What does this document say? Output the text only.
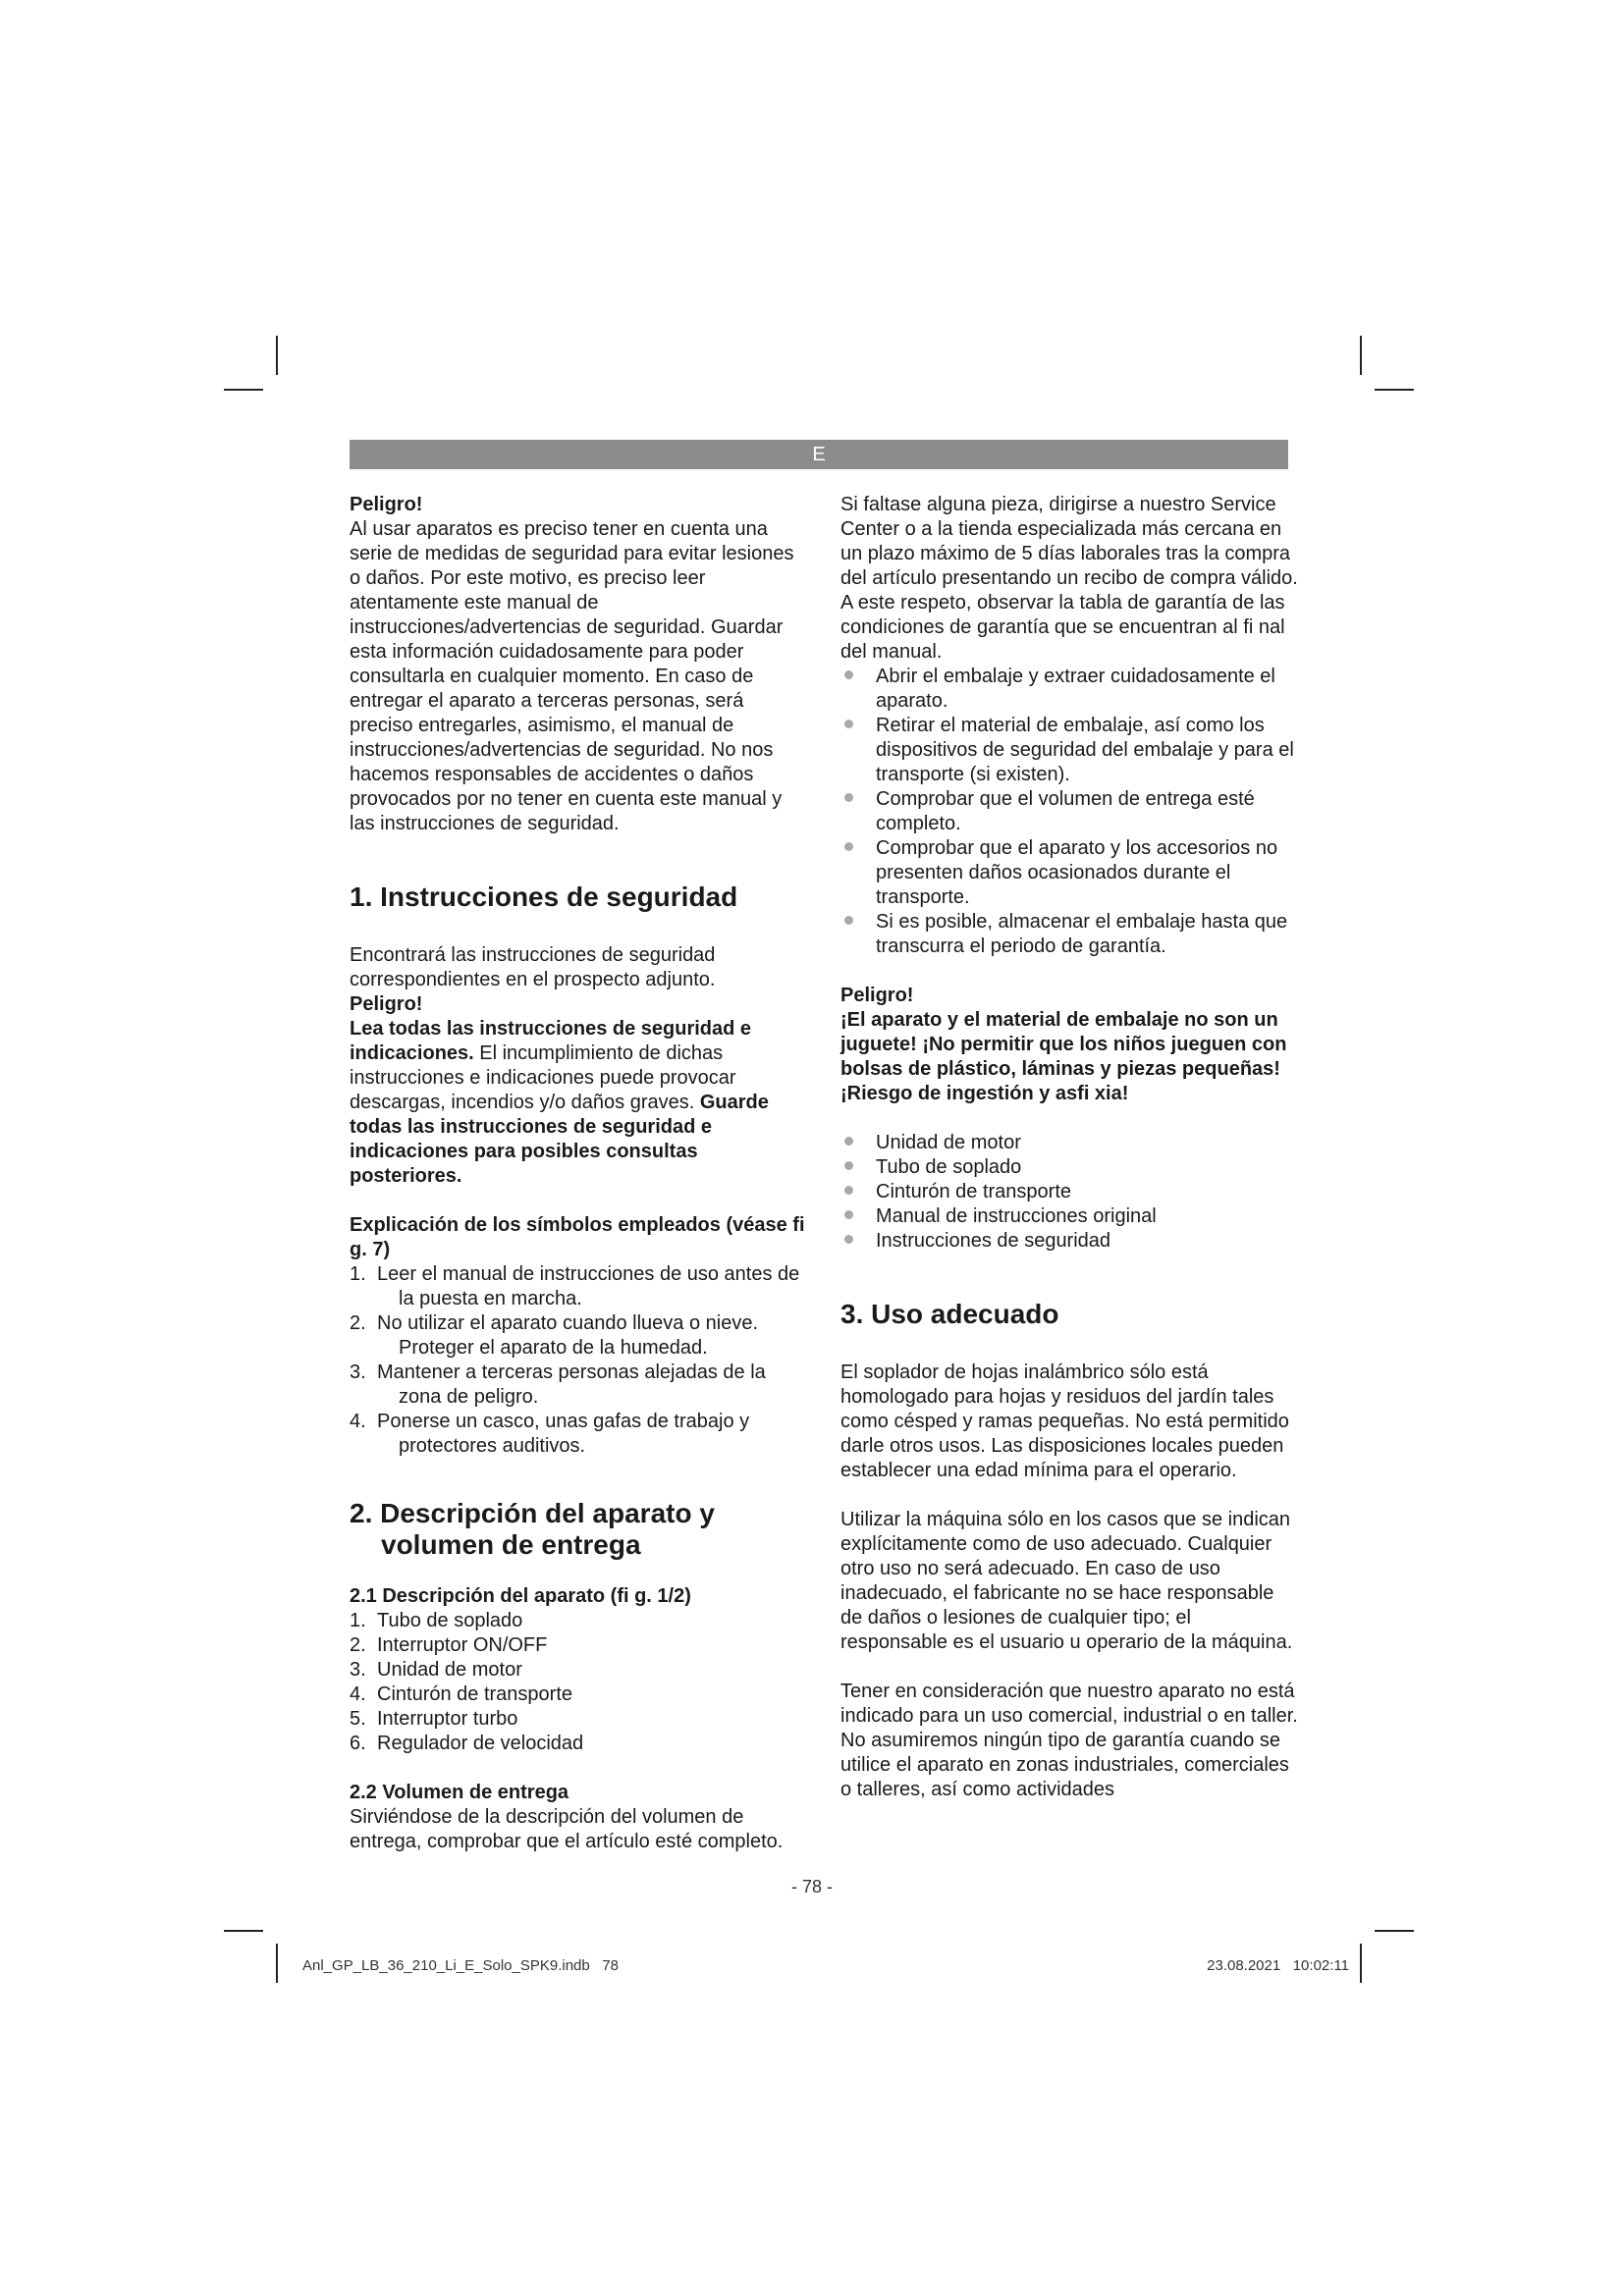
E

Peligro!

Al usar aparatos es preciso tener en cuenta una serie de medidas de seguridad para evitar lesiones o daños. Por este motivo, es preciso leer atentamente este manual de instrucciones/advertencias de seguridad. Guardar esta información cuidadosamente para poder consultarla en cualquier momento. En caso de entregar el aparato a terceras personas, será preciso entregarles, asimismo, el manual de instrucciones/advertencias de seguridad. No nos hacemos responsables de accidentes o daños provocados por no tener en cuenta este manual y las instrucciones de seguridad.

1. Instrucciones de seguridad

Encontrará las instrucciones de seguridad correspondientes en el prospecto adjunto.

Peligro!

Lea todas las instrucciones de seguridad e indicaciones. El incumplimiento de dichas instrucciones e indicaciones puede provocar descargas, incendios y/o daños graves. Guarde todas las instrucciones de seguridad e indicaciones para posibles consultas posteriores.

Explicación de los símbolos empleados (véase fi g. 7)

1. Leer el manual de instrucciones de uso antes de la puesta en marcha.
2. No utilizar el aparato cuando llueva o nieve. Proteger el aparato de la humedad.
3. Mantener a terceras personas alejadas de la zona de peligro.
4. Ponerse un casco, unas gafas de trabajo y protectores auditivos.
2. Descripción del aparato y
volumen de entrega

2.1 Descripción del aparato (fi g. 1/2)

1. Tubo de soplado
2. Interruptor ON/OFF
3. Unidad de motor
4. Cinturón de transporte
5. Interruptor turbo
6. Regulador de velocidad

2.2 Volumen de entrega

Sirviéndose de la descripción del volumen de entrega, comprobar que el artículo esté completo.

Si faltase alguna pieza, dirigirse a nuestro Service Center o a la tienda especializada más cercana en un plazo máximo de 5 días laborales tras la compra del artículo presentando un recibo de compra válido. A este respeto, observar la tabla de garantía de las condiciones de garantía que se encuentran al fi nal del manual.

Abrir el embalaje y extraer cuidadosamente el aparato.
Retirar el material de embalaje, así como los dispositivos de seguridad del embalaje y para el transporte (si existen).
Comprobar que el volumen de entrega esté completo.
Comprobar que el aparato y los accesorios no presenten daños ocasionados durante el transporte.
Si es posible, almacenar el embalaje hasta que transcurra el periodo de garantía.

Peligro!

¡El aparato y el material de embalaje no son un juguete! ¡No permitir que los niños jueguen con bolsas de plástico, láminas y piezas pequeñas! ¡Riesgo de ingestión y asfi xia!

Unidad de motor
Tubo de soplado
Cinturón de transporte
Manual de instrucciones original
Instrucciones de seguridad
3. Uso adecuado

El soplador de hojas inalámbrico sólo está homologado para hojas y residuos del jardín tales como césped y ramas pequeñas. No está permitido darle otros usos. Las disposiciones locales pueden establecer una edad mínima para el operario.

Utilizar la máquina sólo en los casos que se indican explícitamente como de uso adecuado. Cualquier otro uso no será adecuado. En caso de uso inadecuado, el fabricante no se hace responsable de daños o lesiones de cualquier tipo; el responsable es el usuario u operario de la máquina.

Tener en consideración que nuestro aparato no está indicado para un uso comercial, industrial o en taller. No asumiremos ningún tipo de garantía cuando se utilice el aparato en zonas industriales, comerciales o talleres, así como actividades

- 78 -
Anl_GP_LB_36_210_Li_E_Solo_SPK9.indb   78	23.08.2021   10:02:11
